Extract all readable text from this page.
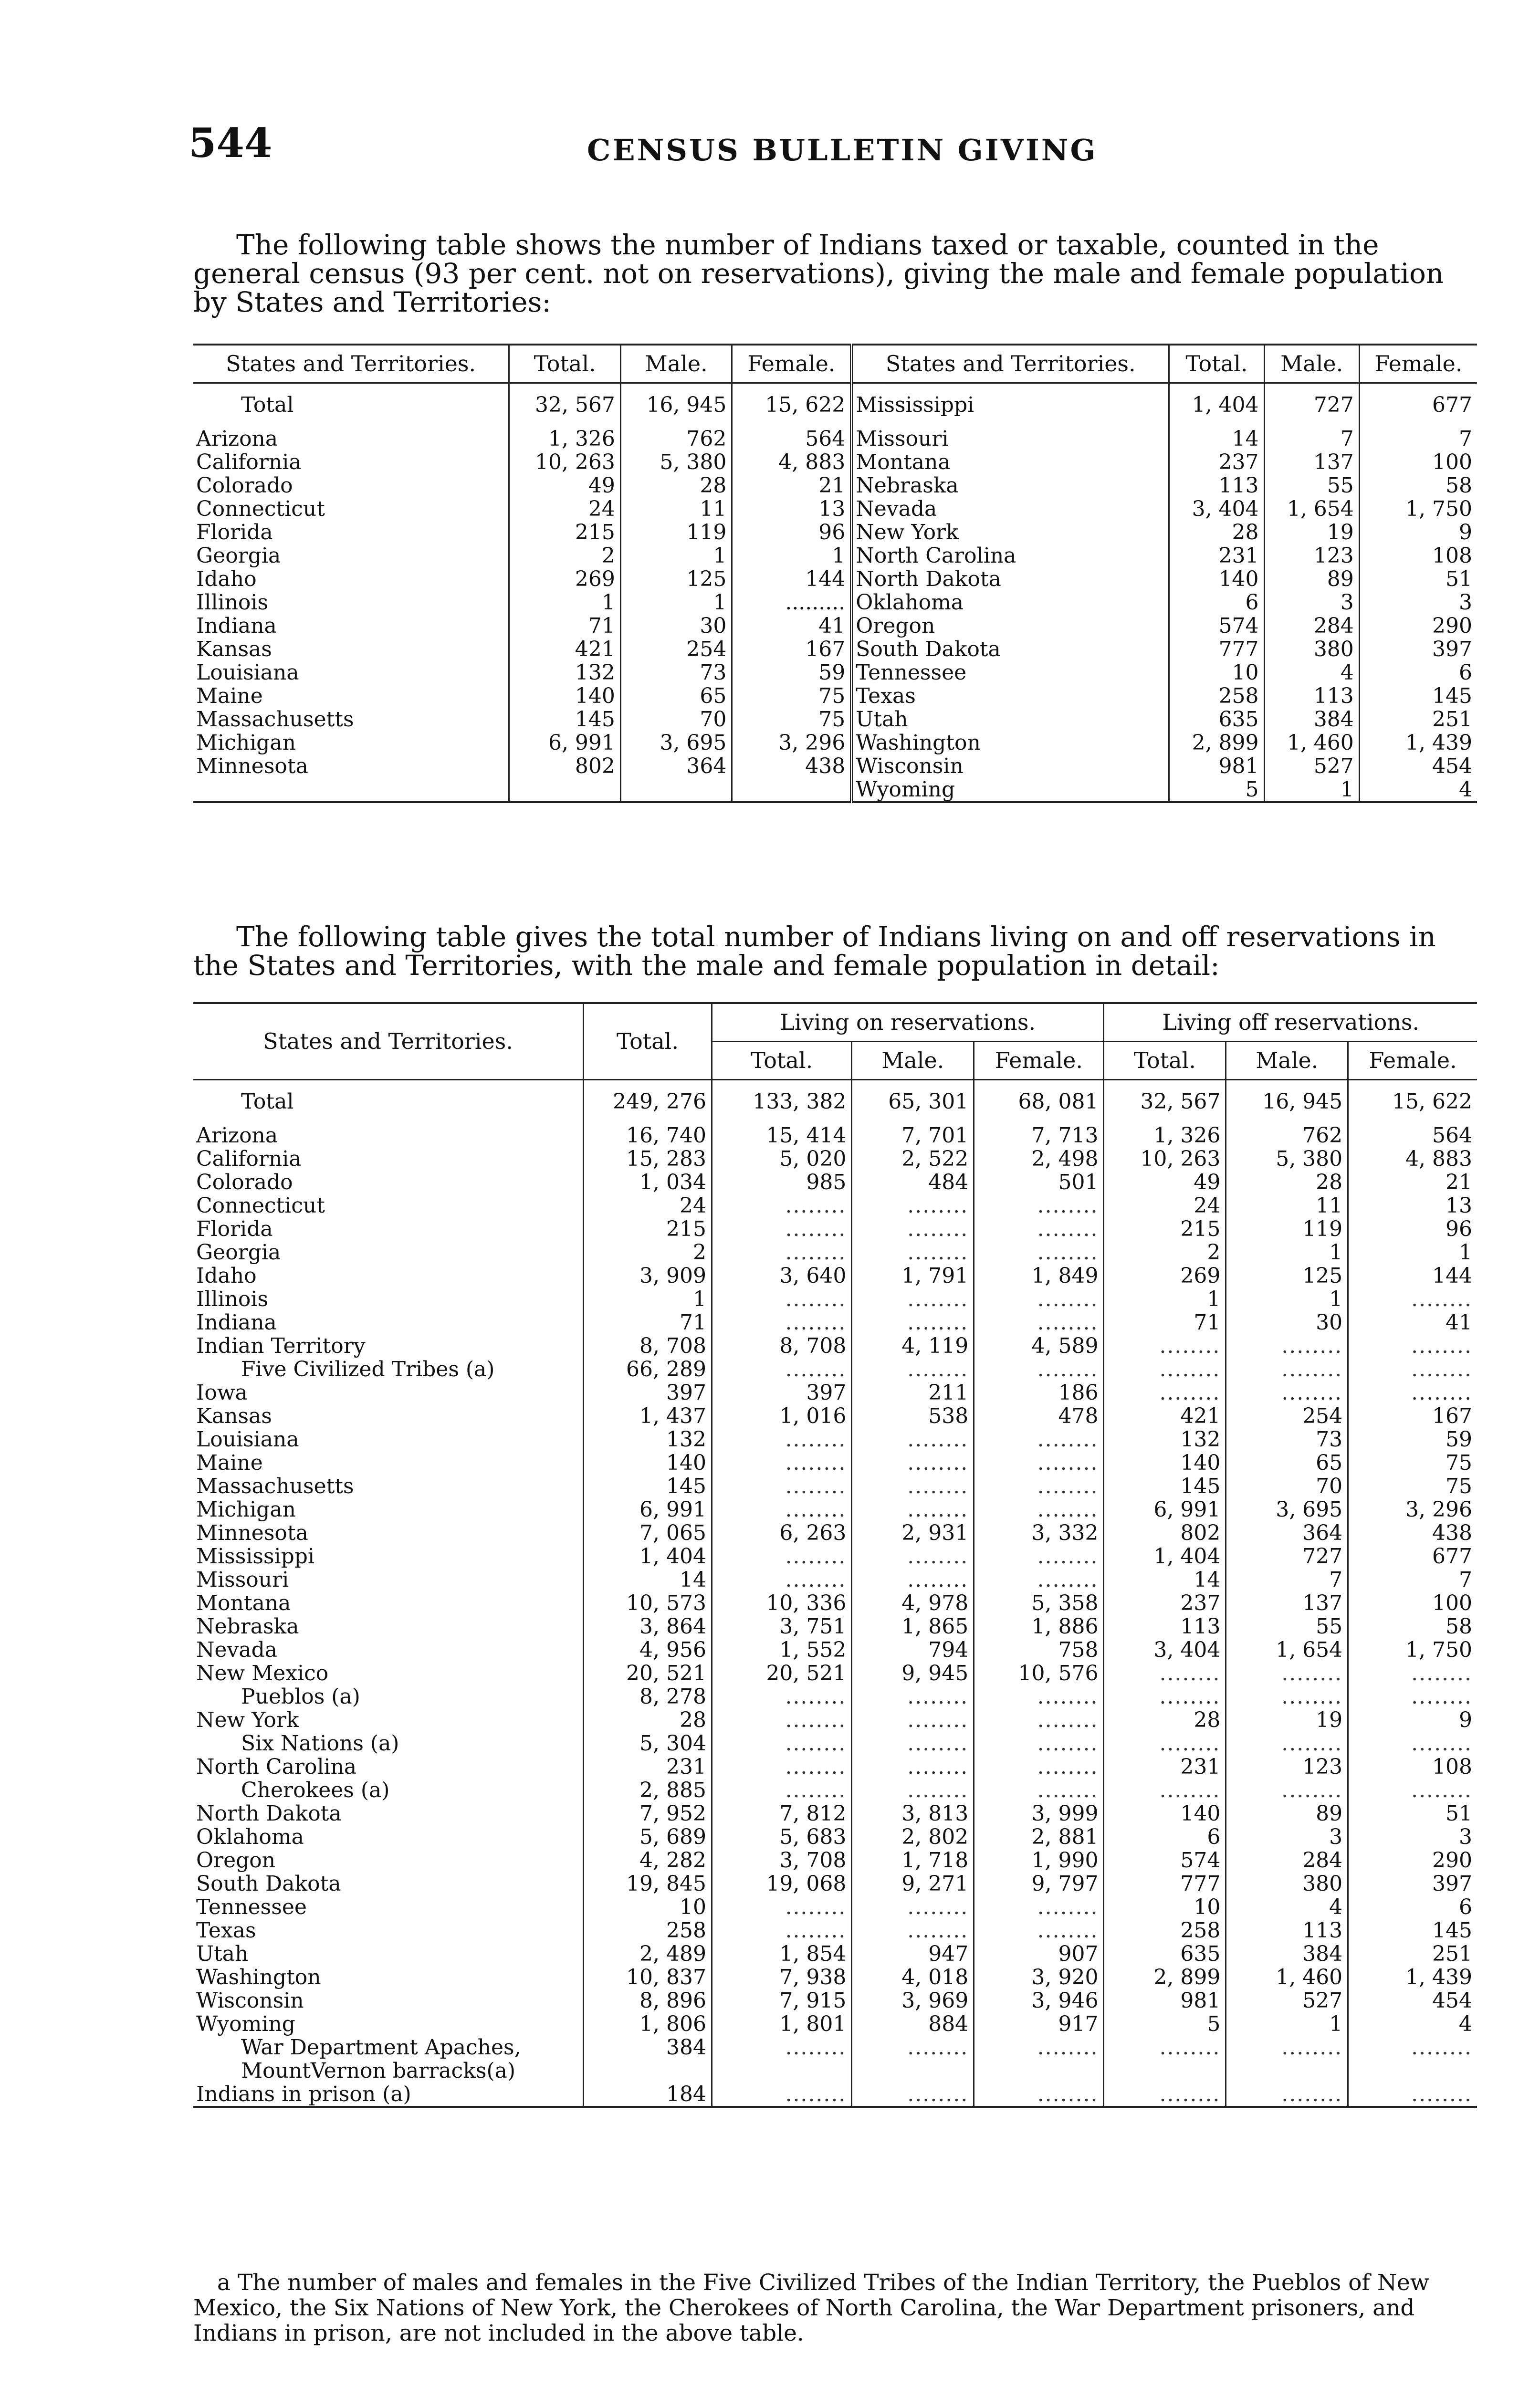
544	CENSUS BULLETIN GIVING

The following table shows the number of Indians taxed or taxable, counted in the general census (93 per cent. not on reservations), giving the male and female population by States and Territories:

States and Territories.	Total.	Male.	Female.	States and Territories.	Total.	Male.	Female.
Total	32, 567	16, 945	15, 622	Mississippi	1, 404	727	677
Arizona	1, 326	762	564	Missouri	14	7	7
California	10, 263	5, 380	4, 883	Montana	237	137	100
Colorado	49	28	21	Nebraska	113	55	58
Connecticut	24	11	13	Nevada	3, 404	1, 654	1, 750
Florida	215	119	96	New York	28	19	9
Georgia	2	1	1	North Carolina	231	123	108
Idaho	269	125	144	North Dakota	140	89	51
Illinois	1	1	.........	Oklahoma	6	3	3
Indiana	71	30	41	Oregon	574	284	290
Kansas	421	254	167	South Dakota	777	380	397
Louisiana	132	73	59	Tennessee	10	4	6
Maine	140	65	75	Texas	258	113	145
Massachusetts	145	70	75	Utah	635	384	251
Michigan	6, 991	3, 695	3, 296	Washington	2, 899	1, 460	1, 439
Minnesota	802	364	438	Wisconsin	981	527	454
				Wyoming	5	1	4

The following table gives the total number of Indians living on and off reservations in the States and Territories, with the male and female population in detail:

States and Territories.	Total.	Living on reservations.			Living off reservations.		
		Total.	Male.	Female.	Total.	Male.	Female.
Total	249, 276	133, 382	65, 301	68, 081	32, 567	16, 945	15, 622
Arizona	16, 740	15, 414	7, 701	7, 713	1, 326	762	564
California	15, 283	5, 020	2, 522	2, 498	10, 263	5, 380	4, 883
Colorado	1, 034	985	484	501	49	28	21
Connecticut	24	........	........	........	24	11	13
Florida	215	........	........	........	215	119	96
Georgia	2	........	........	........	2	1	1
Idaho	3, 909	3, 640	1, 791	1, 849	269	125	144
Illinois	1	........	........	........	1	1	........
Indiana	71	........	........	........	71	30	41
Indian Territory	8, 708	8, 708	4, 119	4, 589	........	........	........
Five Civilized Tribes (a)	66, 289	........	........	........	........	........	........
Iowa	397	397	211	186	........	........	........
Kansas	1, 437	1, 016	538	478	421	254	167
Louisiana	132	........	........	........	132	73	59
Maine	140	........	........	........	140	65	75
Massachusetts	145	........	........	........	145	70	75
Michigan	6, 991	........	........	........	6, 991	3, 695	3, 296
Minnesota	7, 065	6, 263	2, 931	3, 332	802	364	438
Mississippi	1, 404	........	........	........	1, 404	727	677
Missouri	14	........	........	........	14	7	7
Montana	10, 573	10, 336	4, 978	5, 358	237	137	100
Nebraska	3, 864	3, 751	1, 865	1, 886	113	55	58
Nevada	4, 956	1, 552	794	758	3, 404	1, 654	1, 750
New Mexico	20, 521	20, 521	9, 945	10, 576	........	........	........
Pueblos (a)	8, 278	........	........	........	........	........	........
New York	28	........	........	........	28	19	9
Six Nations (a)	5, 304	........	........	........	........	........	........
North Carolina	231	........	........	........	231	123	108
Cherokees (a)	2, 885	........	........	........	........	........	........
North Dakota	7, 952	7, 812	3, 813	3, 999	140	89	51
Oklahoma	5, 689	5, 683	2, 802	2, 881	6	3	3
Oregon	4, 282	3, 708	1, 718	1, 990	574	284	290
South Dakota	19, 845	19, 068	9, 271	9, 797	777	380	397
Tennessee	10	........	........	........	10	4	6
Texas	258	........	........	........	258	113	145
Utah	2, 489	1, 854	947	907	635	384	251
Washington	10, 837	7, 938	4, 018	3, 920	2, 899	1, 460	1, 439
Wisconsin	8, 896	7, 915	3, 969	3, 946	981	527	454
Wyoming	1, 806	1, 801	884	917	5	1	4
War Department Apaches, MountVernon barracks(a)	384	........	........	........	........	........	........
Indians in prison (a)	184	........	........	........	........	........	........

a The number of males and females in the Five Civilized Tribes of the Indian Territory, the Pueblos of New Mexico, the Six Nations of New York, the Cherokees of North Carolina, the War Department prisoners, and Indians in prison, are not included in the above table.
